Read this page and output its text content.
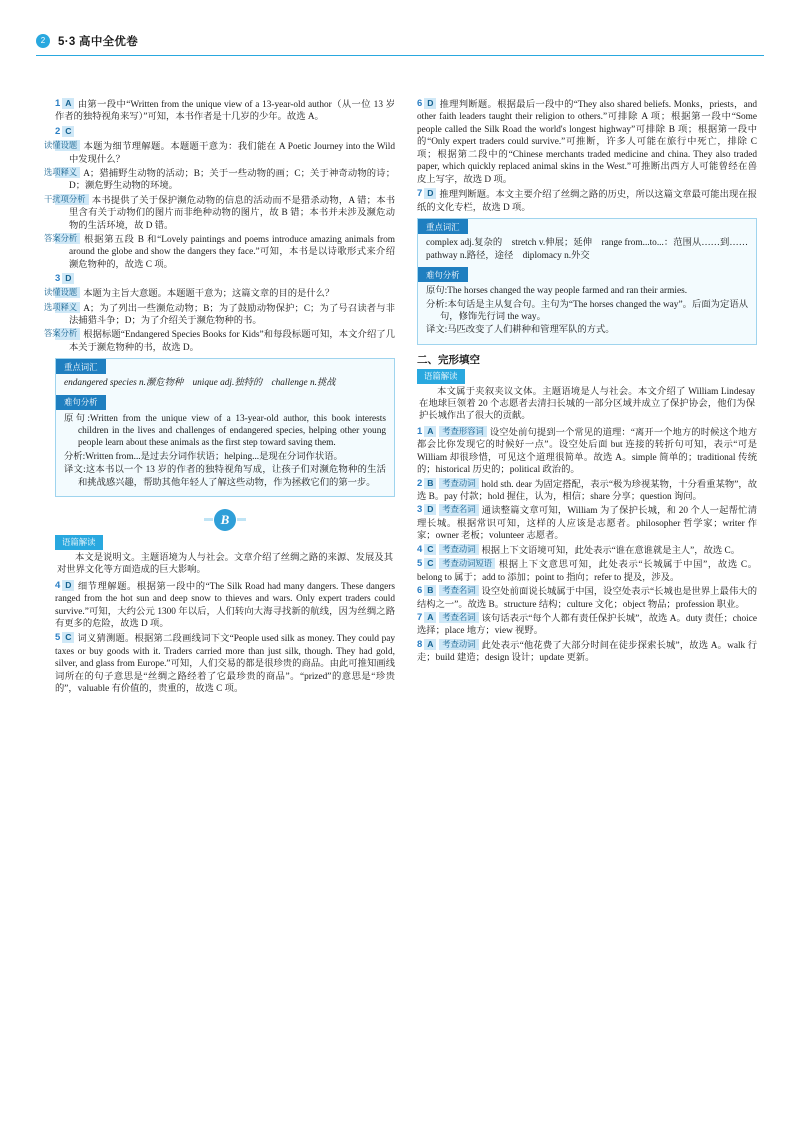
2	5·3 高中全优卷
1 A 由第一段中“Written from the unique view of a 13-year-old author（从一位 13 岁作者的独特视角来写）”可知，本书作者是十几岁的少年。故选 A。
2 C

读懂设题 本题为细节理解题。本题题干意为：我们能在 A Poetic Journey into the Wild 中发现什么？

选项释义 A；猎捕野生动物的活动；B；关于一些动物的画；C；关于神奇动物的诗；D；濒危野生动物的环境。

干扰项分析 本书提供了关于保护濒危动物的信息的活动而不是猎杀动物，A 错；本书里含有关于动物们的图片而非绝种动物的图片，故 B 错；本书并未涉及濒危动物的生活环境，故 D 错。

答案分析 根据第五段 B 和“Lovely paintings and poems introduce amazing animals from around the globe and show the dangers they face.”可知，本书是以诗歌形式来介绍濒危物种的，故选 C 项。

3 D

读懂设题 本题为主旨大意题。本题题干意为；这篇文章的目的是什么？

选项释义 A；为了列出一些濒危动物；B；为了鼓励动物保护；C；为了号召读者与非法捕猎斗争；D；为了介绍关于濒危物种的书。

答案分析 根据标题“Endangered Species Books for Kids”和每段标题可知，本文介绍了几本关于濒危物种的书，故选 D。

重点词汇

endangered species n.濒危物种　unique adj.独特的　challenge n.挑战

难句分析

原句:Written from the unique view of a 13-year-old author, this book interests children in the lives and challenges of endangered species, helping other young people learn about these animals as the first step toward saving them.

分析:Written from...是过去分词作状语；helping...是现在分词作状语。

译文:这本书以一个 13 岁的作者的独特视角写成，让孩子们对濒危物种的生活和挑战感兴趣，帮助其他年轻人了解这些动物，作为拯救它们的第一步。

B
语篇解读

本文是说明文。主题语境为人与社会。文章介绍了丝绸之路的来源、发展及其对世界文化等方面造成的巨大影响。

4 D 细节理解题。根据第一段中的“The Silk Road had many dangers. These dangers ranged from the hot sun and deep snow to thieves and wars. Only expert traders could survive.”可知，大约公元 1300 年以后，人们转向大海寻找新的航线，因为丝绸之路有更多的危险，故选 D 项。
5 C 词义猜测题。根据第二段画线词下文“People used silk as money. They could pay taxes or buy goods with it. Traders carried more than just silk, though. They had gold, silver, and glass from Europe.”可知，人们交易的都是很珍贵的商品。由此可推知画线词所在的句子意思是“丝绸之路经着了它最珍贵的商品”。“prized”的意思是“珍贵的”，valuable 有价值的，贵重的，故选 C 项。
6 D 推理判断题。根据最后一段中的“They also shared beliefs. Monks，priests，and other faith leaders taught their religion to others.”可排除 A 项；根据第一段中“Some people called the Silk Road the world's longest highway”可排除 B 项；根据第一段中的“Only expert traders could survive.”可推断，许多人可能在旅行中死亡，排除 C 项；根据第二段中的“Chinese merchants traded medicine and china. They also traded paper, which quickly replaced animal skins in the West.”可推断出西方人可能曾经在兽皮上写字，故选 D 项。
7 D 推理判断题。本文主要介绍了丝绸之路的历史，所以这篇文章最可能出现在报纸的文化专栏，故选 D 项。
重点词汇

complex adj.复杂的　stretch v.伸展；延伸　range from...to...：范围从……到……　pathway n.路径，途径　diplomacy n.外交

难句分析

原句:The horses changed the way people farmed and ran their armies.

分析:本句话是主从复合句。主句为“The horses changed the way”。后面为定语从句，修饰先行词 the way。

译文:马匹改变了人们耕种和管理军队的方式。

二、完形填空
语篇解读

本文属于夹叙夹议文体。主题语境是人与社会。本文介绍了 William Lindesay 在地球巨领着 20 个志愿者去清扫长城的一部分区域并成立了保护协会，他们为保护长城作出了很大的贡献。

1 A 考查形容词 设空处前句提到一个常见的道理：“离开一个地方的时候这个地方都会比你发现它的时候好一点”。设空处后面 but 连接的转折句可知，表示“可是 William 却很珍惜，可见这个道理很简单。故选 A。simple 简单的；traditional 传统的；historical 历史的；political 政治的。
2 B 考查动词 hold sth. dear 为固定搭配，表示“极为珍视某物，十分看重某物”，故选 B。pay 付款；hold 握住，认为，相信；share 分享；question 询问。
3 D 考查名词 通读整篇文章可知，William 为了保护长城，和 20 个人一起帮忙清理长城。根据常识可知，这样的人应该是志愿者。philosopher 哲学家；writer 作家；owner 老板；volunteer 志愿者。
4 C 考查动词 根据上下文语境可知，此处表示“谁在意谁就是主人”，故选 C。
5 C 考查动词短语 根据上下文意思可知，此处表示“长城属于中国”，故选 C。belong to 属于；add to 添加；point to 指向；refer to 提及，涉及。
6 B 考查名词 设空处前面说长城属于中国，设空处表示“长城也是世界上最伟大的结构之一”。故选 B。structure 结构；culture 文化；object 物品；profession 职业。
7 A 考查名词 该句话表示“每个人都有责任保护长城”，故选 A。duty 责任；choice 选择；place 地方；view 视野。
8 A 考查动词 此处表示“他花费了大部分时间在徒步探索长城”，故选 A。walk 行走；build 建造；design 设计；update 更新。
